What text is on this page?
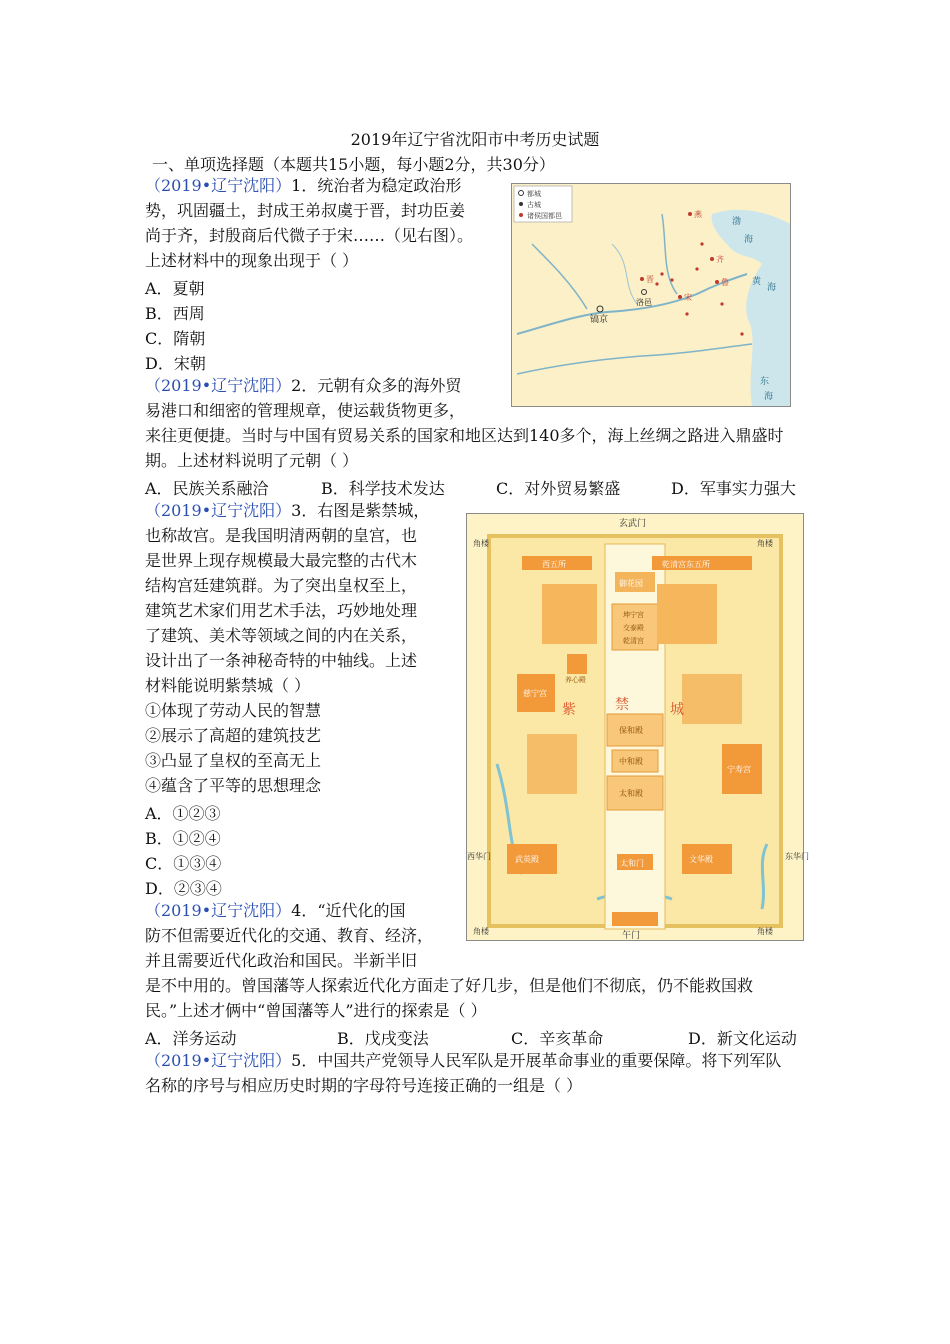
2019年辽宁省沈阳市中考历史试题
一、单项选择题（本题共15小题，每小题2分，共30分）
（2019•辽宁沈阳）1．统治者为稳定政治形
势，巩固疆土，封成王弟叔虞于晋，封功臣姜
尚于齐，封殷商后代微子于宋……（见右图）。
上述材料中的现象出现于（ ）
A．夏朝
B．西周
C．隋朝
D．宋朝
都城
古城
诸侯国都邑
镐京
洛邑
晋
齐
宋
燕
鲁
渤
海
黄
海
东
海
（2019•辽宁沈阳）2．元朝有众多的海外贸
易港口和细密的管理规章，使运载货物更多，
来往更便捷。当时与中国有贸易关系的国家和地区达到140多个，海上丝绸之路进入鼎盛时
期。上述材料说明了元朝（ ）
A．民族关系融洽	B．科学技术发达	C．对外贸易繁盛	D．军事实力强大
（2019•辽宁沈阳）3．右图是紫禁城，
也称故宫。是我国明清两朝的皇宫，也
是世界上现存规模最大最完整的古代木
结构宫廷建筑群。为了突出皇权至上，
建筑艺术家们用艺术手法，巧妙地处理
了建筑、美术等领域之间的内在关系，
设计出了一条神秘奇特的中轴线。上述
材料能说明紫禁城（ ）
①体现了劳动人民的智慧
②展示了高超的建筑技艺
③凸显了皇权的至高无上
④蕴含了平等的思想理念
A．①②③
B．①②④
C．①③④
D．②③④
玄武门
午门
东华门
西华门
角楼	角楼
角楼	角楼
西五所	乾清宫东五所
御花园
坤宁宫
交泰殿
乾清宫
养心殿
慈宁宫
紫	禁	城
保和殿
中和殿
太和殿
太和门
武英殿	文华殿
宁寿宫
（2019•辽宁沈阳）4．“近代化的国
防不但需要近代化的交通、教育、经济，
并且需要近代化政治和国民。半新半旧
是不中用的。曾国藩等人探索近代化方面走了好几步，但是他们不彻底，仍不能救国救
民。”上述才俩中“曾国藩等人”进行的探索是（ ）
A．洋务运动	B．戊戌变法	C．辛亥革命	D．新文化运动
（2019•辽宁沈阳）5．中国共产党领导人民军队是开展革命事业的重要保障。将下列军队
名称的序号与相应历史时期的字母符号连接正确的一组是（ ）
